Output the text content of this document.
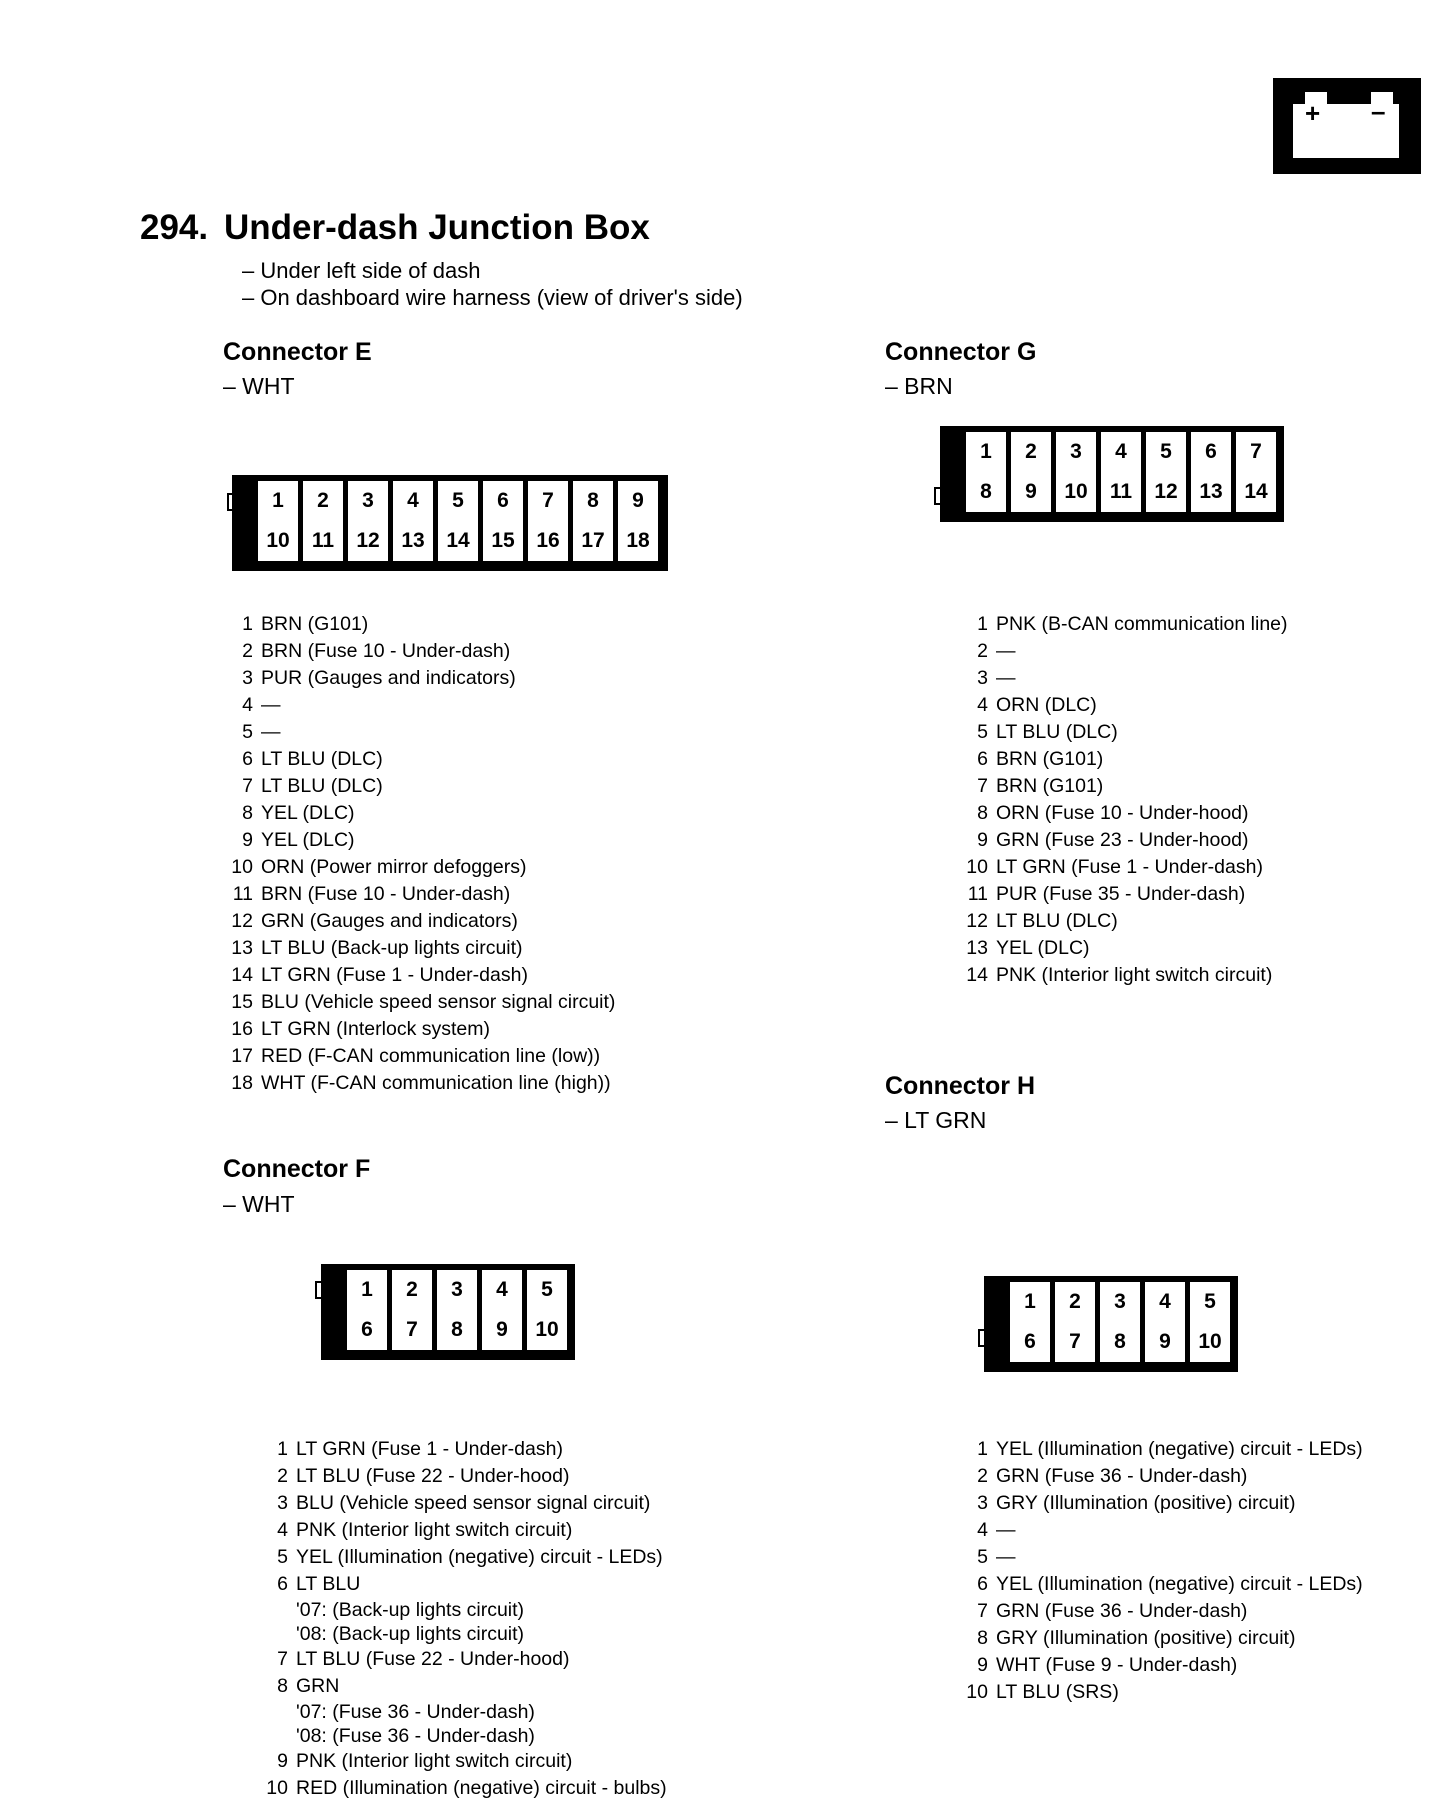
+ –
294. Under-dash Junction Box
– Under left side of dash
– On dashboard wire harness (view of driver's side)
Connector E
– WHT
1	2	3	4	5	6	7	8	9
10	11	12	13	14	15	16	17	18
1 BRN (G101)
2 BRN (Fuse 10 - Under-dash)
3 PUR (Gauges and indicators)
4 —
5 —
6 LT BLU (DLC)
7 LT BLU (DLC)
8 YEL (DLC)
9 YEL (DLC)
10 ORN (Power mirror defoggers)
11 BRN (Fuse 10 - Under-dash)
12 GRN (Gauges and indicators)
13 LT BLU (Back-up lights circuit)
14 LT GRN (Fuse 1 - Under-dash)
15 BLU (Vehicle speed sensor signal circuit)
16 LT GRN (Interlock system)
17 RED (F-CAN communication line (low))
18 WHT (F-CAN communication line (high))
Connector F
– WHT
1	2	3	4	5
6	7	8	9	10
1 LT GRN (Fuse 1 - Under-dash)
2 LT BLU (Fuse 22 - Under-hood)
3 BLU (Vehicle speed sensor signal circuit)
4 PNK (Interior light switch circuit)
5 YEL (Illumination (negative) circuit - LEDs)
6 LT BLU
'07: (Back-up lights circuit)
'08: (Back-up lights circuit)
7 LT BLU (Fuse 22 - Under-hood)
8 GRN
'07: (Fuse 36 - Under-dash)
'08: (Fuse 36 - Under-dash)
9 PNK (Interior light switch circuit)
10 RED (Illumination (negative) circuit - bulbs)
Connector G
– BRN
1	2	3	4	5	6	7
8	9	10	11	12	13	14
1 PNK (B-CAN communication line)
2 —
3 —
4 ORN (DLC)
5 LT BLU (DLC)
6 BRN (G101)
7 BRN (G101)
8 ORN (Fuse 10 - Under-hood)
9 GRN (Fuse 23 - Under-hood)
10 LT GRN (Fuse 1 - Under-dash)
11 PUR (Fuse 35 - Under-dash)
12 LT BLU (DLC)
13 YEL (DLC)
14 PNK (Interior light switch circuit)
Connector H
– LT GRN
1	2	3	4	5
6	7	8	9	10
1 YEL (Illumination (negative) circuit - LEDs)
2 GRN (Fuse 36 - Under-dash)
3 GRY (Illumination (positive) circuit)
4 —
5 —
6 YEL (Illumination (negative) circuit - LEDs)
7 GRN (Fuse 36 - Under-dash)
8 GRY (Illumination (positive) circuit)
9 WHT (Fuse 9 - Under-dash)
10 LT BLU (SRS)
